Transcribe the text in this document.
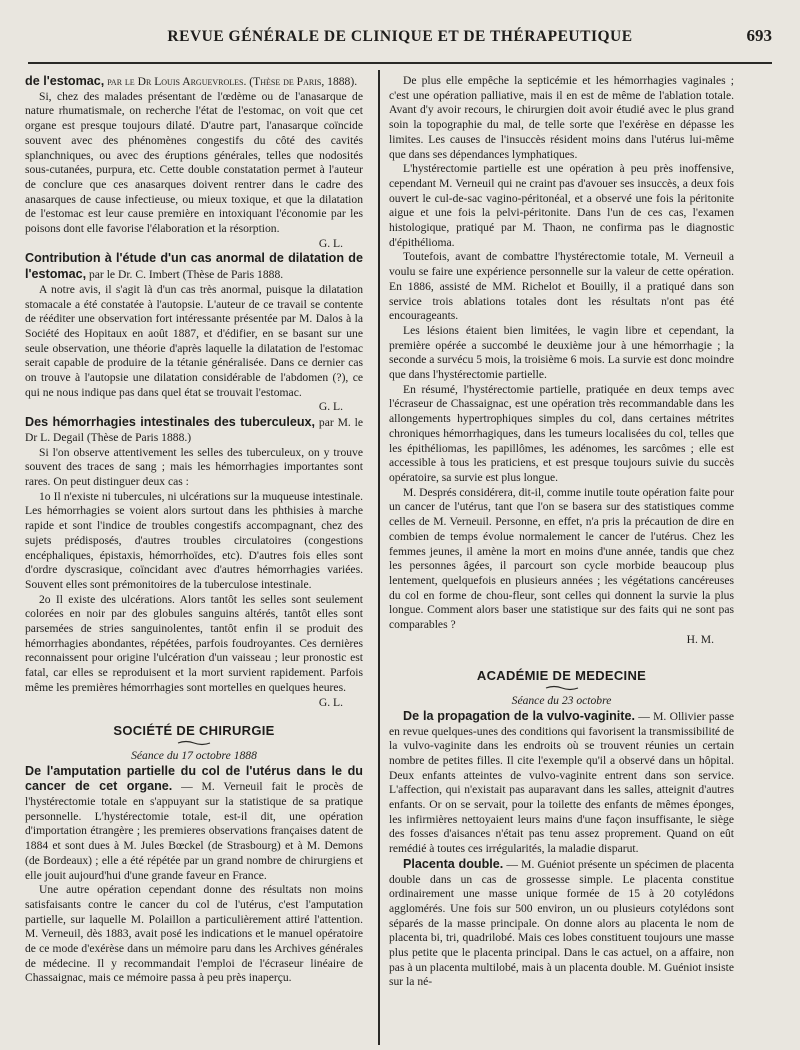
REVUE GÉNÉRALE DE CLINIQUE ET DE THÉRAPEUTIQUE	693

de l'estomac, par le Dr Louis Arguevroles. (Thèse de Paris, 1888).

Si, chez des malades présentant de l'œdème ou de l'anasarque de nature rhumatismale, on recherche l'état de l'estomac, on voit que cet organe est presque toujours dilaté. D'autre part, l'anasarque coïncide souvent avec des phénomènes congestifs du côté des cavités splanchniques, ou avec des éruptions générales, telles que nodosités sous-cutanées, purpura, etc. Cette double constatation permet à l'auteur de conclure que ces anasarques doivent rentrer dans le cadre des anasarques de cause infectieuse, ou mieux toxique, et que la dilatation de l'estomac est leur cause première en intoxiquant l'économie par les poisons dont elle favorise l'élaboration et la résorption.

G. L.

Contribution à l'étude d'un cas anormal de dilatation de l'estomac, par le Dr. C. Imbert (Thèse de Paris 1888.

A notre avis, il s'agit là d'un cas très anormal, puisque la dilatation stomacale a été constatée à l'autopsie. L'auteur de ce travail se contente de rééditer une observation fort intéressante présentée par M. Dalos à la Société des Hopitaux en août 1887, et d'édifier, en se basant sur une seule observation, une théorie d'après laquelle la dilatation de l'estomac serait capable de produire de la tétanie généralisée. Dans ce dernier cas on trouve à l'autopsie une dilatation considérable de l'abdomen (?), ce qui ne nous indique pas dans quel état se trouvait l'estomac.

G. L.

Des hémorrhagies intestinales des tuberculeux, par M. le Dr L. Degail (Thèse de Paris 1888.)

Si l'on observe attentivement les selles des tuberculeux, on y trouve souvent des traces de sang ; mais les hémorrhagies importantes sont rares. On peut distinguer deux cas :

1o Il n'existe ni tubercules, ni ulcérations sur la muqueuse intestinale. Les hémorrhagies se voient alors surtout dans les phthisies à marche rapide et sont l'indice de troubles congestifs accompagnant, chez des sujets prédisposés, d'autres troubles circulatoires (congestions encéphaliques, épistaxis, hémorrhoïdes, etc). D'autres fois elles sont d'ordre dyscrasique, coïncidant avec d'autres hémorrhagies variées. Souvent elles sont prémonitoires de la tuberculose intestinale.

2o Il existe des ulcérations. Alors tantôt les selles sont seulement colorées en noir par des globules sanguins altérés, tantôt elles sont parsemées de stries sanguinolentes, tantôt enfin il se produit des hémorrhagies abondantes, répétées, parfois foudroyantes. Ces dernières reconnaissent pour origine l'ulcération d'un vaisseau ; leur pronostic est fatal, car elles se reproduisent et la mort survient rapidement. Parfois même les premières hémorrhagies sont mortelles en quelques heures.

G. L.

SOCIÉTÉ DE CHIRURGIE

Séance du 17 octobre 1888

De l'amputation partielle du col de l'utérus dans le du cancer de cet organe. — M. Verneuil fait le procès de l'hystérectomie totale en s'appuyant sur la statistique de sa pratique personnelle. L'hystérectomie totale, est-il dit, une opération d'importation étrangère ; les premieres observations françaises datent de 1884 et sont dues à M. Jules Bœckel (de Strasbourg) et à M. Demons (de Bordeaux) ; elle a été répétée par un grand nombre de chirurgiens et elle jouit aujourd'hui d'une grande faveur en France.

Une autre opération cependant donne des résultats non moins satisfaisants contre le cancer du col de l'utérus, c'est l'amputation partielle, sur laquelle M. Polaillon a particulièrement attiré l'attention. M. Verneuil, dès 1883, avait posé les indications et le manuel opératoire de ce mode d'exérèse dans un mémoire paru dans les Archives générales de médecine. Il y recommandait l'emploi de l'écraseur linéaire de Chassaignac, mais ce mémoire passa à peu près inaperçu.

De plus elle empêche la septicémie et les hémorrhagies vaginales ; c'est une opération palliative, mais il en est de même de l'ablation totale. Avant d'y avoir recours, le chirurgien doit avoir étudié avec le plus grand soin la topographie du mal, de telle sorte que l'exérèse en dépasse les limites. Les causes de l'insuccès résident moins dans l'utérus lui-même que dans ses dépendances lymphatiques.

L'hystérectomie partielle est une opération à peu près inoffensive, cependant M. Verneuil qui ne craint pas d'avouer ses insuccès, a deux fois ouvert le cul-de-sac vagino-péritonéal, et a observé une fois la péritonite aigue et une fois la pelvi-péritonite. Dans l'un de ces cas, l'examen histologique, pratiqué par M. Thaon, ne confirma pas le diagnostic d'épithélioma.

Toutefois, avant de combattre l'hystérectomie totale, M. Verneuil a voulu se faire une expérience personnelle sur la valeur de cette opération. En 1886, assisté de MM. Richelot et Bouilly, il a pratiqué dans son service trois ablations totales dont les résultats n'ont pas été encourageants.

Les lésions étaient bien limitées, le vagin libre et cependant, la première opérée a succombé le deuxième jour à une hémorrhagie ; la seconde a survécu 5 mois, la troisième 6 mois. La survie est donc moindre que dans l'hystérectomie partielle.

En résumé, l'hystérectomie partielle, pratiquée en deux temps avec l'écraseur de Chassaignac, est une opération très recommandable dans les allongements hypertrophiques simples du col, dans certaines métrites chroniques hémorrhagiques, dans les tumeurs localisées du col, telles que les épithéliomas, les papillômes, les adénomes, les sarcômes ; elle est accessible à tous les praticiens, et est presque toujours suivie du succès opératoire, sa survie est plus longue.

M. Després considérera, dit-il, comme inutile toute opération faite pour un cancer de l'utérus, tant que l'on se basera sur des statistiques comme celles de M. Verneuil. Personne, en effet, n'a pris la précaution de dire en combien de temps évolue normalement le cancer de l'utérus. Chez les femmes jeunes, il amène la mort en moins d'une année, tandis que chez les personnes âgées, il parcourt son cycle morbide beaucoup plus lentement, quelquefois en plusieurs années ; les végétations cancéreuses du col en forme de chou-fleur, sont celles qui donnent la survie la plus longue. Comment alors baser une statistique sur des faits qui ne sont pas comparables ?

H. M.

ACADÉMIE DE MEDECINE

Séance du 23 octobre

De la propagation de la vulvo-vaginite. — M. Ollivier passe en revue quelques-unes des conditions qui favorisent la transmissibilité de la vulvo-vaginite dans les endroits où se trouvent réunies un certain nombre de petites filles. Il cite l'exemple qu'il a observé dans un hôpital. Deux enfants atteintes de vulvo-vaginite entrent dans son service. L'affection, qui n'existait pas auparavant dans les salles, atteignit d'autres enfants. Or on se servait, pour la toilette des enfants de mêmes éponges, les infirmières nettoyaient leurs mains d'une façon insuffisante, le siège des fosses d'aisances n'était pas tenu assez proprement. Quand on eût remédié à toutes ces irrégularités, la maladie disparut.

Placenta double. — M. Guéniot présente un spécimen de placenta double dans un cas de grossesse simple. Le placenta constitue ordinairement une masse unique formée de 15 à 20 cotylédons agglomérés. Une fois sur 500 environ, un ou plusieurs cotylédons sont séparés de la masse principale. On donne alors au placenta le nom de placenta bi, tri, quadrilobé. Mais ces lobes constituent toujours une masse plus petite que le placenta principal. Dans le cas actuel, on a affaire, non pas à un placenta multilobé, mais à un placenta double. M. Guéniot insiste sur la né-
